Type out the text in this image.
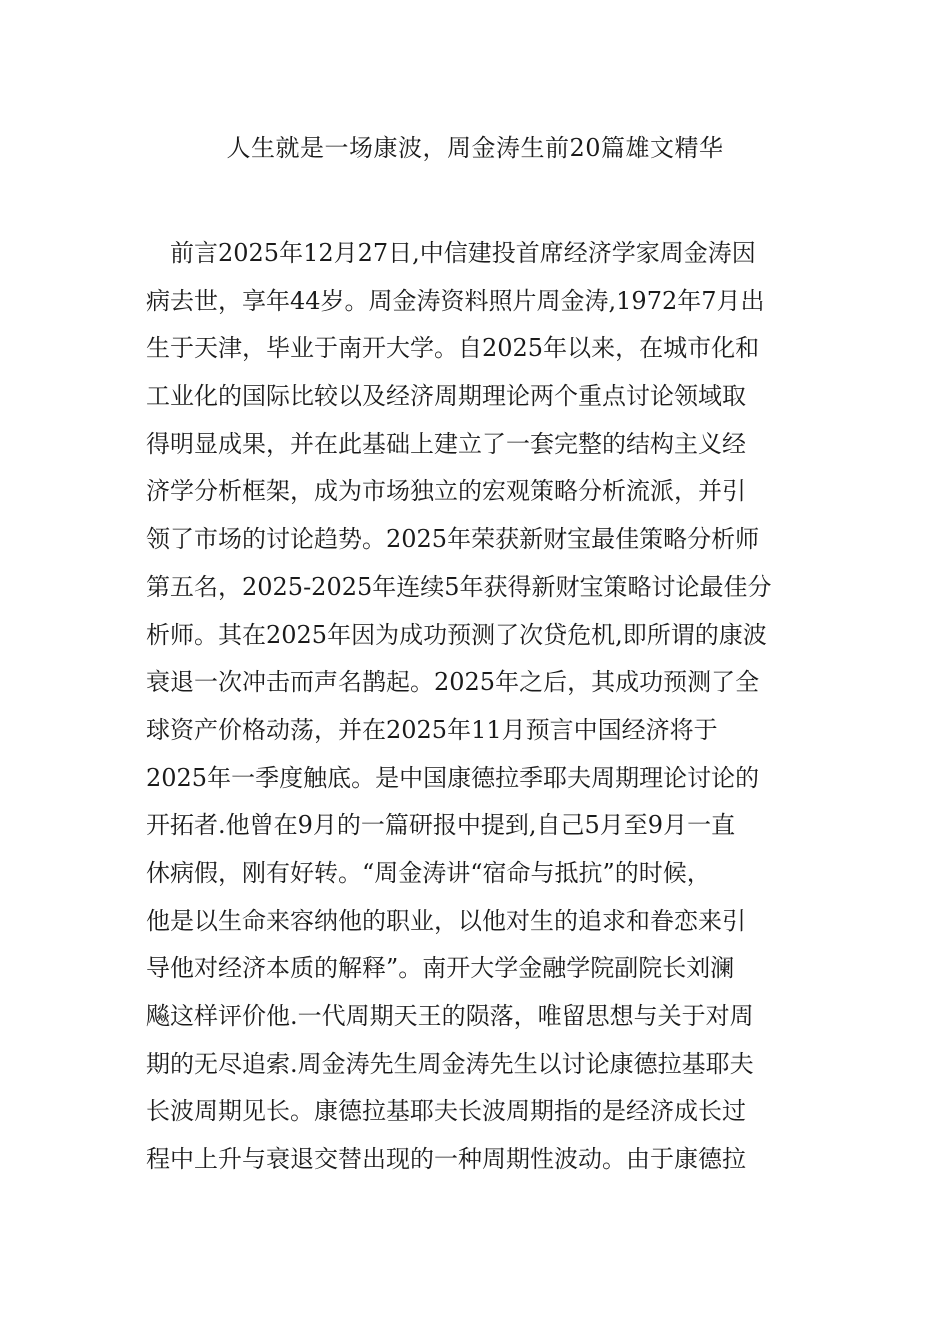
人生就是一场康波，周金涛生前20篇雄文精华
前言2025年12月27日,中信建投首席经济学家周金涛因
病去世，享年44岁。周金涛资料照片周金涛,1972年7月出
生于天津，毕业于南开大学。自2025年以来，在城市化和
工业化的国际比较以及经济周期理论两个重点讨论领域取
得明显成果，并在此基础上建立了一套完整的结构主义经
济学分析框架，成为市场独立的宏观策略分析流派，并引
领了市场的讨论趋势。2025年荣获新财宝最佳策略分析师
第五名，2025-2025年连续5年获得新财宝策略讨论最佳分
析师。其在2025年因为成功预测了次贷危机,即所谓的康波
衰退一次冲击而声名鹊起。2025年之后，其成功预测了全
球资产价格动荡，并在2025年11月预言中国经济将于
2025年一季度触底。是中国康德拉季耶夫周期理论讨论的
开拓者.他曾在9月的一篇研报中提到,自己5月至9月一直
休病假，刚有好转。“周金涛讲“宿命与抵抗”的时候，
他是以生命来容纳他的职业，以他对生的追求和眷恋来引
导他对经济本质的解释”。南开大学金融学院副院长刘澜
飚这样评价他.一代周期天王的陨落，唯留思想与关于对周
期的无尽追索.周金涛先生周金涛先生以讨论康德拉基耶夫
长波周期见长。康德拉基耶夫长波周期指的是经济成长过
程中上升与衰退交替出现的一种周期性波动。由于康德拉
